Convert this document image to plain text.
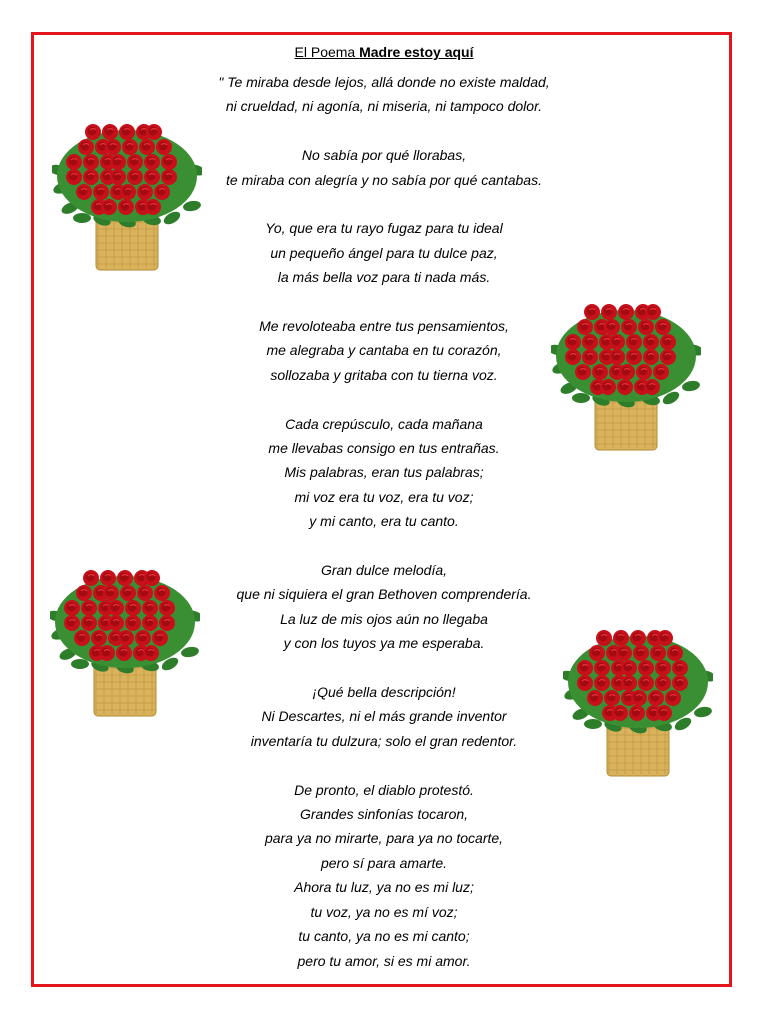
El Poema Madre estoy aquí
" Te miraba desde lejos, allá donde no existe maldad,
ni crueldad, ni agonía, ni miseria, ni tampoco dolor.
No sabía por qué llorabas,
te miraba con alegría y no sabía por qué cantabas.
Yo, que era tu rayo fugaz para tu ideal
un pequeño ángel para tu dulce paz,
la más bella voz para ti nada más.
Me revoloteaba entre tus pensamientos,
me alegraba y cantaba en tu corazón,
sollozaba y gritaba con tu tierna voz.
Cada crepúsculo, cada mañana
me llevabas consigo en tus entrañas.
Mis palabras, eran tus palabras;
mi voz era tu voz, era tu voz;
y mi canto, era tu canto.
Gran dulce melodía,
que ni siquiera el gran Bethoven comprendería.
La luz de mis ojos aún no llegaba
y con los tuyos ya me esperaba.
¡Qué bella descripción!
Ni Descartes, ni el más grande inventor
inventaría tu dulzura; solo el gran redentor.
De pronto, el diablo protestó.
Grandes sinfonías tocaron,
para ya no mirarte, para ya no tocarte,
pero sí para amarte.
Ahora tu luz, ya no es mi luz;
tu voz, ya no es mí voz;
tu canto, ya no es mi canto;
pero tu amor, si es mi amor.
